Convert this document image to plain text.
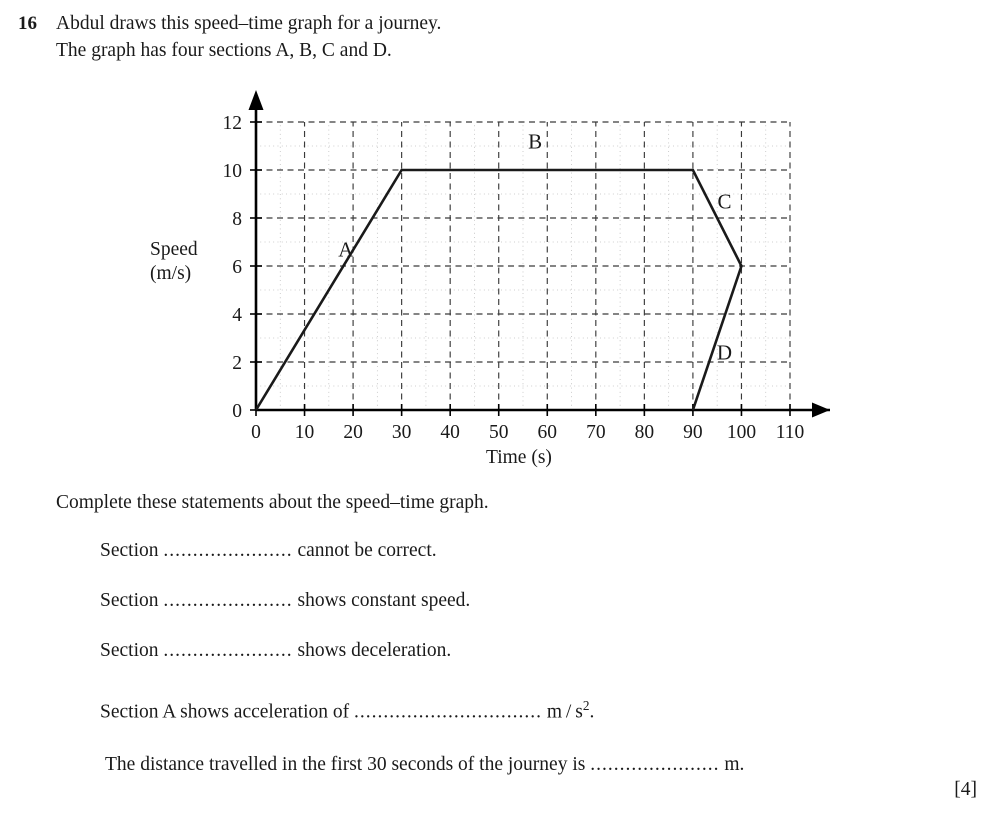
16 Abdul draws this speed–time graph for a journey.
The graph has four sections A, B, C and D.
0 10 20 30 40 50 60 70 80 90 100 110
0
2
4
6
8
10
12
A
B
C
D
Speed
(m/s)
Time (s)
Complete these statements about the speed–time graph.
Section ...................... cannot be correct.
Section ...................... shows constant speed.
Section ...................... shows deceleration.
Section A shows acceleration of ................................ m / $s^2$.
The distance travelled in the first 30 seconds of the journey is ...................... m.
[4]
